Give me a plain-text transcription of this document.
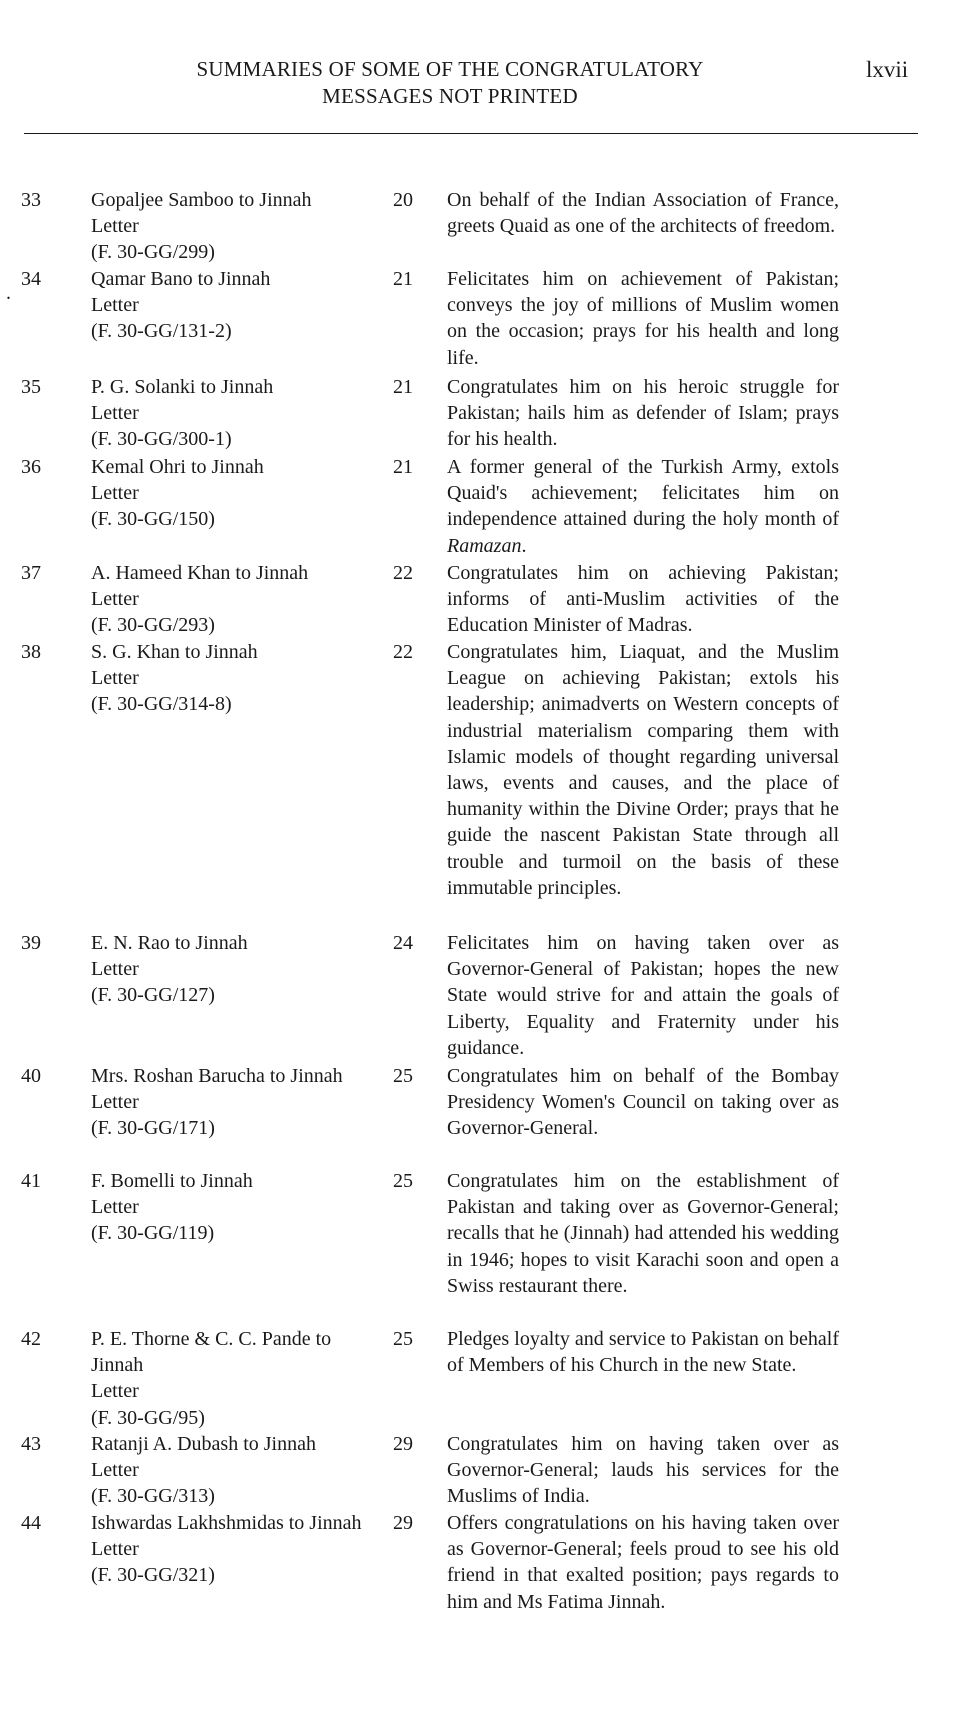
SUMMARIES OF SOME OF THE CONGRATULATORY
MESSAGES NOT PRINTED
lxvii
.
33	Gopaljee Samboo to Jinnah
Letter
(F. 30-GG/299)
20 On behalf of the Indian Association of France, greets Quaid as one of the architects of freedom.
34	Qamar Bano to Jinnah
Letter
(F. 30-GG/131-2)
21 Felicitates him on achievement of Pakistan; conveys the joy of millions of Muslim women on the occasion; prays for his health and long life.
35	P. G. Solanki to Jinnah
Letter
(F. 30-GG/300-1)
21 Congratulates him on his heroic struggle for Pakistan; hails him as defender of Islam; prays for his health.
36	Kemal Ohri to Jinnah
Letter
(F. 30-GG/150)
21 A former general of the Turkish Army, extols Quaid's achievement; felicitates him on independence attained during the holy month of Ramazan.
37	A. Hameed Khan to Jinnah
Letter
(F. 30-GG/293)
22 Congratulates him on achieving Pakistan; informs of anti-Muslim activities of the Education Minister of Madras.
38	S. G. Khan to Jinnah
Letter
(F. 30-GG/314-8)
22 Congratulates him, Liaquat, and the Muslim League on achieving Pakistan; extols his leadership; animadverts on Western concepts of industrial materialism comparing them with Islamic models of thought regarding universal laws, events and causes, and the place of humanity within the Divine Order; prays that he guide the nascent Pakistan State through all trouble and turmoil on the basis of these immutable principles.
39	E. N. Rao to Jinnah
Letter
(F. 30-GG/127)
24 Felicitates him on having taken over as Governor-General of Pakistan; hopes the new State would strive for and attain the goals of Liberty, Equality and Fraternity under his guidance.
40	Mrs. Roshan Barucha to Jinnah
Letter
(F. 30-GG/171)
25 Congratulates him on behalf of the Bombay Presidency Women's Council on taking over as Governor-General.
41	F. Bomelli to Jinnah
Letter
(F. 30-GG/119)
25 Congratulates him on the establishment of Pakistan and taking over as Governor-General; recalls that he (Jinnah) had attended his wedding in 1946; hopes to visit Karachi soon and open a Swiss restaurant there.
42	P. E. Thorne & C. C. Pande to Jinnah
Letter
(F. 30-GG/95)
25 Pledges loyalty and service to Pakistan on behalf of Members of his Church in the new State.
43	Ratanji A. Dubash to Jinnah
Letter
(F. 30-GG/313)
29 Congratulates him on having taken over as Governor-General; lauds his services for the Muslims of India.
44	Ishwardas Lakhshmidas to Jinnah
Letter
(F. 30-GG/321)
29 Offers congratulations on his having taken over as Governor-General; feels proud to see his old friend in that exalted position; pays regards to him and Ms Fatima Jinnah.
